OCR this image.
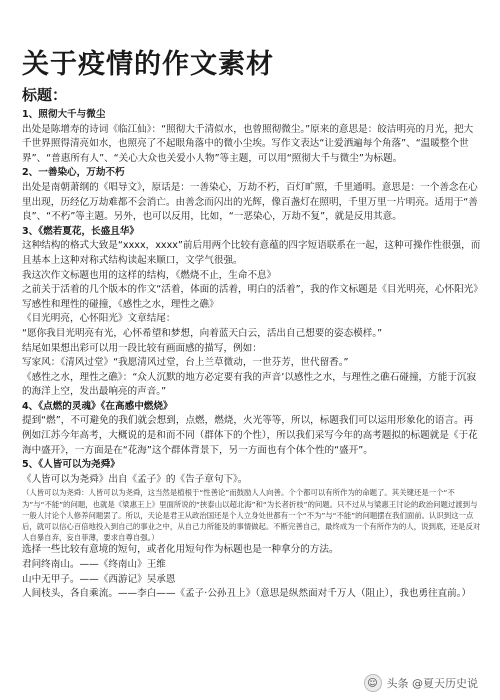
关于疫情的作文素材
标题：

1、照彻大千与微尘

出处是陈增寿的诗词《临江仙》：“照彻大千清似水，也曾照彻微尘。”原来的意思是：皎洁明亮的月光，把大千世界照得清亮如水，也照亮了不起眼角落中的微小尘埃。写作文表达“让爱洒遍每个角落”、“温暖整个世界”、“普惠所有人”、“关心大众也关爱小人物”等主题，可以用“照彻大千与微尘”为标题。

2、一善染心，万劫不朽

出处是南朝萧纲的《唱导文》，原话是：一善染心，万劫不朽，百灯旷照，千里通明。意思是：一个善念在心里出现，历经亿万劫难都不会消亡。由善念而闪出的光辉，像百盏灯在照明，千里万里一片明亮。适用于“善良”、“不朽”等主题。另外，也可以反用，比如，“一恶染心，万劫不复”，就是反用其意。

3、《燃若夏花，长盛且华》

这种结构的格式大致是“xxxx，xxxx”前后用两个比较有意蕴的四字短语联系在一起，这种可操作性很强，而且基本上这种对称式结构读起来顺口，文学气很强。

我这次作文标题也用的这样的结构，《燃烧不止，生命不息》

之前关于活着的几个版本的作文“活着，体面的活着，明白的活着”，我的作文标题是《目光明亮，心怀阳光》

写感性和理性的碰撞，《感性之水，理性之礁》

《目光明亮，心怀阳光》文章结尾：

“愿你我目光明亮有光，心怀希望和梦想，向着蓝天白云，活出自己想要的姿态模样。”

结尾如果想出彩可以用一段比较有画面感的描写，例如：

写家风：《清风过堂》“我愿清风过堂，台上兰草微动，一世芬芳，世代留香。”

《感性之水，理性之礁》：“众人沉默的地方必定要有我的声音’以感性之水，与理性之礁石碰撞，方能于沉寂的海洋上空，发出最响亮的声音。”

4、《点燃的灵魂》《在高感中燃烧》

提到“燃”，不可避免的我们就会想到，点燃，燃烧，火光等等，所以，标题我们可以运用形象化的语言。再例如江苏今年高考，大概说的是和而不同（群体下的个性），所以我们采写今年的高考题拟的标题就是《于花海中盛开》，一方面是在“花海”这个群体背景下，另一方面也有个体个性的“盛开”。

5、《人皆可以为尧舜》

《人皆可以为尧舜》出自《孟子》的《告子章句下》。

（人皆可以为尧舜：人皆可以为尧舜，这当然是植根于“性善论”而鼓励人人向善。个个都可以有所作为的命题了。其关键还是一个“不为”与“不能”的问题，也就是《梁惠王上》里面所说的“挟泰山以超北海”和“为长者折枝”的问题。只不过从与梁惠王讨论的政治问题过渡到与一般人讨论个人修养问题罢了。所以，天论是君王从政治国还是个人立身处世都有一个“不为”与“不能”的问题摆在我们面前。认识到这一点后，就可以信心百倍地投入到自己的事业之中，从自己力所能及的事情做起。不断完善自己，最终成为一个有所作为的人，说到底，还是反对人自暴自弃，妄自菲薄，要求自尊自强。）

选择一些比较有意境的短句，或者化用短句作为标题也是一种拿分的方法。

君问终南山。——《终南山》王维

山中无甲子。——《西游记》吴承恩

人间枝头，各自乘流。——李白——《孟子·公孙丑上》（意思是纵然面对千万人（阻止），我也勇往直前。）

☺ 头条 @夏天历史说
